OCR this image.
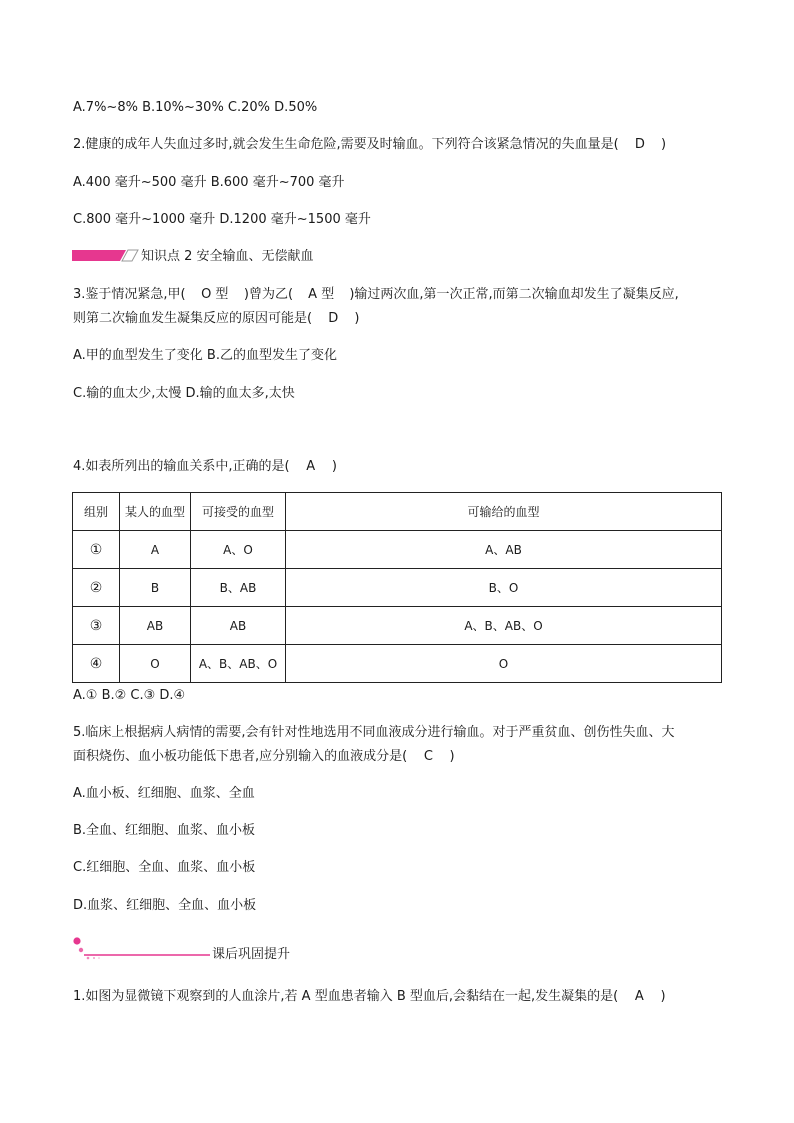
A.7%~8% B.10%~30% C.20% D.50%
2.健康的成年人失血过多时,就会发生生命危险,需要及时输血。下列符合该紧急情况的失血量是( D )
A.400 毫升~500 毫升 B.600 毫升~700 毫升
C.800 毫升~1000 毫升 D.1200 毫升~1500 毫升
知识点 2 安全输血、无偿献血
3.鉴于情况紧急,甲( O 型 )曾为乙( A 型 )输过两次血,第一次正常,而第二次输血却发生了凝集反应,
则第二次输血发生凝集反应的原因可能是( D )
A.甲的血型发生了变化 B.乙的血型发生了变化
C.输的血太少,太慢 D.输的血太多,太快
4.如表所列出的输血关系中,正确的是( A )
组别	某人的血型	可接受的血型	可输给的血型
①	A	A、O	A、AB
②	B	B、AB	B、O
③	AB	AB	A、B、AB、O
④	O	A、B、AB、O	O
A.① B.② C.③ D.④
5.临床上根据病人病情的需要,会有针对性地选用不同血液成分进行输血。对于严重贫血、创伤性失血、大
面积烧伤、血小板功能低下患者,应分别输入的血液成分是( C )
A.血小板、红细胞、血浆、全血
B.全血、红细胞、血浆、血小板
C.红细胞、全血、血浆、血小板
D.血浆、红细胞、全血、血小板
课后巩固提升
1.如图为显微镜下观察到的人血涂片,若 A 型血患者输入 B 型血后,会黏结在一起,发生凝集的是( A )
